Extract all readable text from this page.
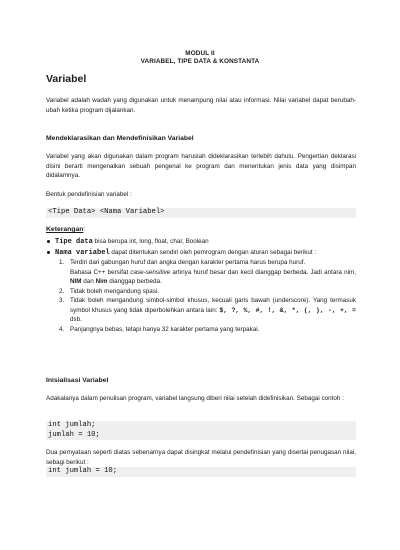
MODUL II
VARIABEL, TIPE DATA & KONSTANTA
Variabel
Variabel adalah wadah yang digunakan untuk menampung nilai atau informasi. Nilai variabel dapat berubah-ubah ketika program dijalankan.
Mendeklarasikan dan Mendefinisikan Variabel
Variabel yang akan digunakan dalam program haruslah dideklarasikan terlebih dahulu. Pengertian deklarasi disini berarti mengenalkan sebuah pengenal ke program dan menentukan jenis data yang disimpan didalamnya.
Bentuk pendefinisian variabel :
<Tipe Data> <Nama Variabel>
Keterangan:
Tipe data bisa berupa int, long, float, char, Boolean
Nama variabel dapat ditentukan sendiri oleh pemrogram dengan aturan sebagai berikut :
1. Terdiri dari gabungan huruf dan angka dengan karakter pertama harus berupa huruf.
Bahasa C++ bersifat case-sensitive artinya huruf besar dan kecil dianggap berbeda. Jadi antara nim, NIM dan Nim dianggap berbeda.
2. Tidak boleh mengandung spasi.
3. Tidak boleh mengandung simbol-simbol khusus, kecuali garis bawah (underscore). Yang termasuk symbol khusus yang tidak diperbolehkan antara lain: $, ?, %, #, !, &, *, (, ), -, +, = dsb.
4. Panjangnya bebas, tetapi hanya 32 karakter pertama yang terpakai.
Inisialisasi Variabel
Adakalanya dalam penulisan program, variabel langsung diberi nilai setelah didefinisikan. Sebagai contoh :
int jumlah;
jumlah = 10;
Dua pernyataan seperti diatas sebenarnya dapat disingkat melalui pendefinisian yang disertai penugasan nilai, sebagi berikut :
int jumlah = 10;
